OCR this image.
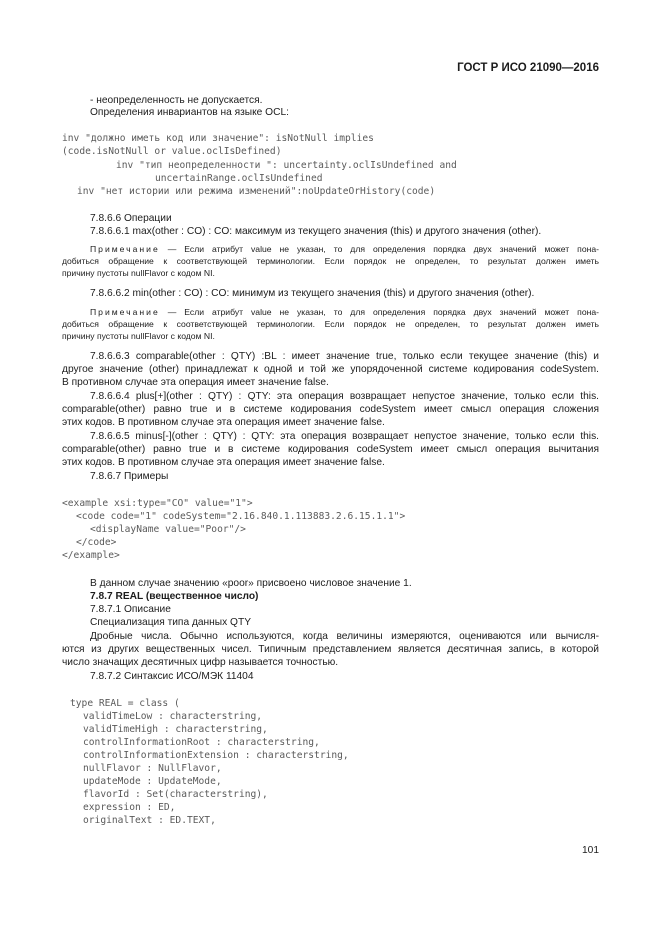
ГОСТ Р ИСО 21090—2016
- неопределенность не допускается.
Определения инвариантов на языке OCL:
inv "должно иметь код или значение": isNotNull implies
(code.isNotNull or value.oclIsDefined)
inv "тип неопределенности ": uncertainty.oclIsUndefined and
uncertainRange.oclIsUndefined
inv "нет истории или режима изменений":noUpdateOrHistory(code)
7.8.6.6 Операции
7.8.6.6.1 max(other : CO) : CO: максимум из текущего значения (this) и другого значения (other).
Примечание — Если атрибут value не указан, то для определения порядка двух значений может пона-
добиться обращение к соответствующей терминологии. Если порядок не определен, то результат должен иметь
причину пустоты nullFlavor с кодом NI.
7.8.6.6.2 min(other : CO) : CO: минимум из текущего значения (this) и другого значения (other).
Примечание — Если атрибут value не указан, то для определения порядка двух значений может пона-
добиться обращение к соответствующей терминологии. Если порядок не определен, то результат должен иметь
причину пустоты nullFlavor с кодом NI.
7.8.6.6.3 comparable(other : QTY) :BL : имеет значение true, только если текущее значение (this) и
другое значение (other) принадлежат к одной и той же упорядоченной системе кодирования codeSystem.
В противном случае эта операция имеет значение false.
7.8.6.6.4 plus[+](other : QTY) : QTY: эта операция возвращает непустое значение, только если this.
comparable(other) равно true и в системе кодирования codeSystem имеет смысл операция сложения
этих кодов. В противном случае эта операция имеет значение false.
7.8.6.6.5 minus[-](other : QTY) : QTY: эта операция возвращает непустое значение, только если this.
comparable(other) равно true и в системе кодирования codeSystem имеет смысл операция вычитания
этих кодов. В противном случае эта операция имеет значение false.
7.8.6.7 Примеры
<example xsi:type="CO" value="1">
<code code="1" codeSystem="2.16.840.1.113883.2.6.15.1.1">
<displayName value="Poor"/>
</code>
</example>
В данном случае значению «poor» присвоено числовое значение 1.
7.8.7 REAL (вещественное число)
7.8.7.1 Описание
Специализация типа данных QTY
Дробные числа. Обычно используются, когда величины измеряются, оцениваются или вычисля-
ются из других вещественных чисел. Типичным представлением является десятичная запись, в которой
число значащих десятичных цифр называется точностью.
7.8.7.2 Синтаксис ИСО/МЭК 11404
type REAL = class (
validTimeLow : characterstring,
validTimeHigh : characterstring,
controlInformationRoot : characterstring,
controlInformationExtension : characterstring,
nullFlavor : NullFlavor,
updateMode : UpdateMode,
flavorId : Set(characterstring),
expression : ED,
originalText : ED.TEXT,
101
